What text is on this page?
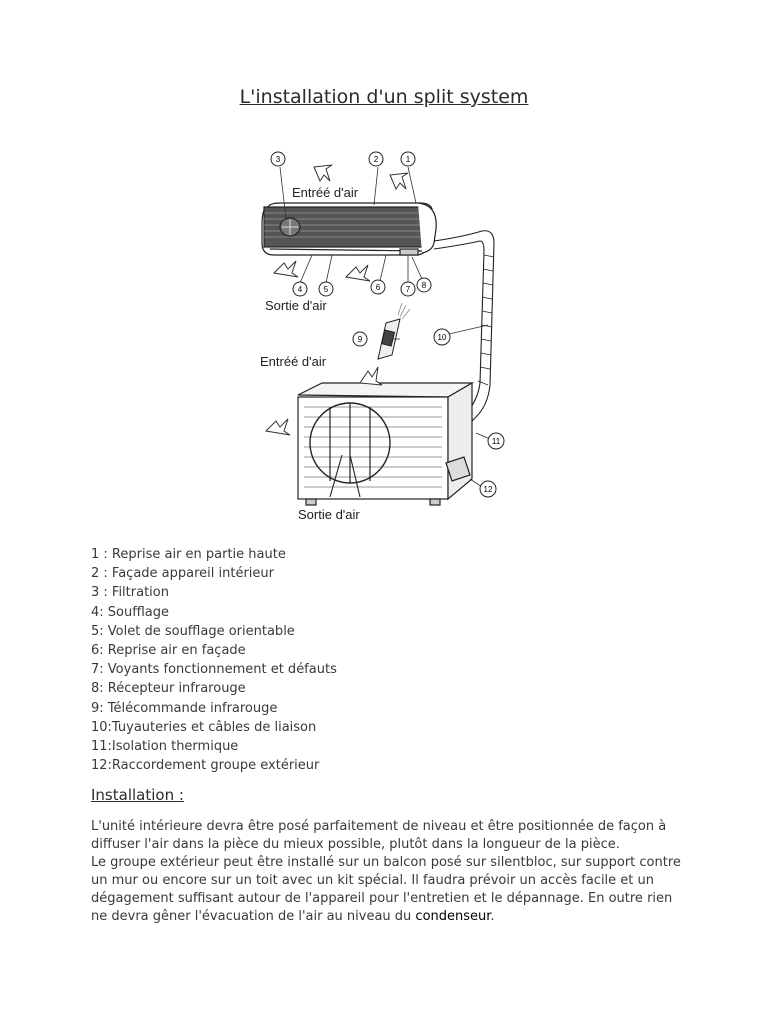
L'installation d'un split system
3	2	1
4	5	6	7 8
9	10
11
12
Entréé d'air
Sortie d'air
Entréé d'air
Sortie d'air
1 : Reprise air en partie haute
2 : Façade appareil intérieur
3 : Filtration
4: Soufflage
5: Volet de soufflage orientable
6: Reprise air en façade
7: Voyants fonctionnement et défauts
8: Récepteur infrarouge
9: Télécommande infrarouge
10:Tuyauteries et câbles de liaison
11:Isolation thermique
12:Raccordement groupe extérieur
Installation :

L'unité intérieure devra être posé parfaitement de niveau et être positionnée de façon à diffuser l'air dans la pièce du mieux possible, plutôt dans la longueur de la pièce.

Le groupe extérieur peut être installé sur un balcon posé sur silentbloc, sur support contre un mur ou encore sur un toit avec un kit spécial. Il faudra prévoir un accès facile et un dégagement suffisant autour de l'appareil pour l'entretien et le dépannage. En outre rien ne devra gêner l'évacuation de l'air au niveau du condenseur.
